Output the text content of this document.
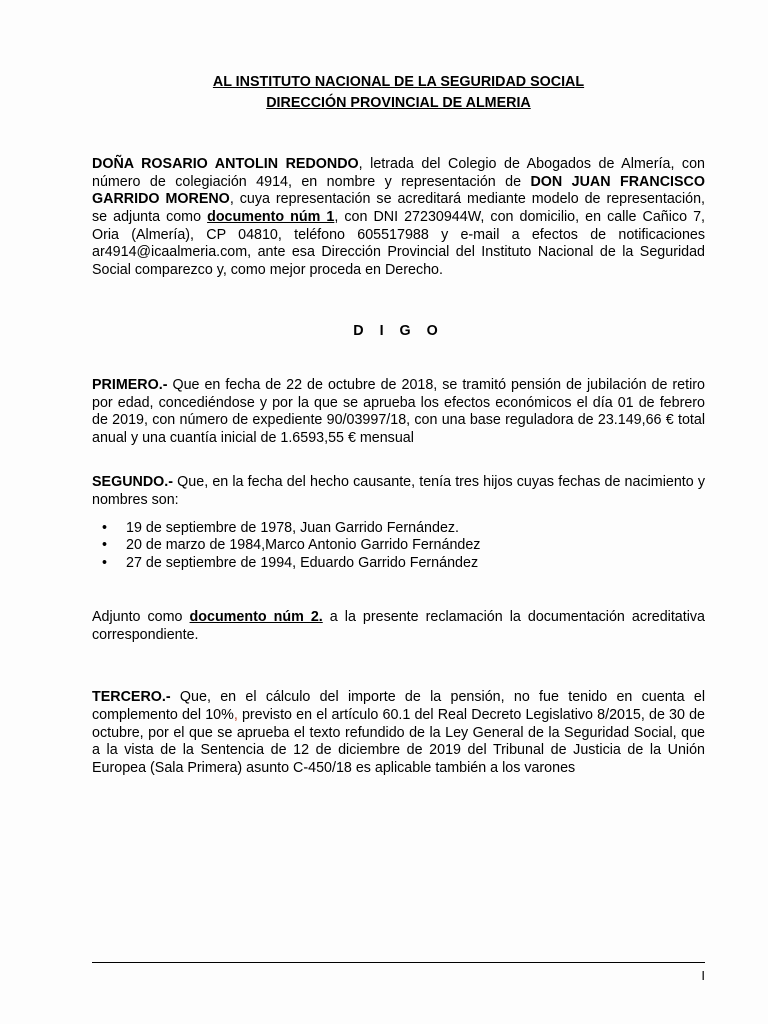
AL INSTITUTO NACIONAL DE LA SEGURIDAD SOCIAL

DIRECCIÓN PROVINCIAL DE ALMERIA

DOÑA ROSARIO ANTOLIN REDONDO, letrada del Colegio de Abogados de Almería, con número de colegiación 4914, en nombre y representación de DON JUAN FRANCISCO GARRIDO MORENO, cuya representación se acreditará mediante modelo de representación, se adjunta como documento núm 1, con DNI 27230944W, con domicilio, en calle Cañico 7, Oria (Almería), CP 04810, teléfono 605517988 y e-mail a efectos de notificaciones ar4914@icaalmeria.com, ante esa Dirección Provincial del Instituto Nacional de la Seguridad Social comparezco y, como mejor proceda en Derecho.

D I G O

PRIMERO.- Que en fecha de 22 de octubre de 2018, se tramitó pensión de jubilación de retiro por edad, concediéndose y por la que se aprueba los efectos económicos el día 01 de febrero de 2019, con número de expediente 90/03997/18, con una base reguladora de 23.149,66 € total anual y una cuantía inicial de 1.6593,55 € mensual

SEGUNDO.- Que, en la fecha del hecho causante, tenía tres hijos cuyas fechas de nacimiento y nombres son:

• 19 de septiembre de 1978, Juan Garrido Fernández.
• 20 de marzo de 1984,Marco Antonio Garrido Fernández
• 27 de septiembre de 1994, Eduardo Garrido Fernández

Adjunto como documento núm 2. a la presente reclamación la documentación acreditativa correspondiente.

TERCERO.- Que, en el cálculo del importe de la pensión, no fue tenido en cuenta el complemento del 10%, previsto en el artículo 60.1 del Real Decreto Legislativo 8/2015, de 30 de octubre, por el que se aprueba el texto refundido de la Ley General de la Seguridad Social, que a la vista de la Sentencia de 12 de diciembre de 2019 del Tribunal de Justicia de la Unión Europea (Sala Primera) asunto C-450/18 es aplicable también a los varones

I
